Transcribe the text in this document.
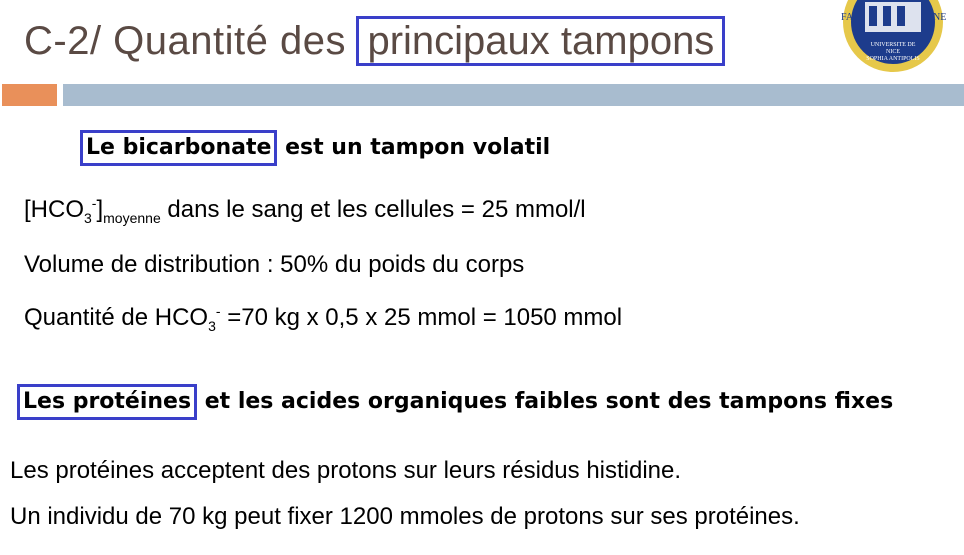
C-2/ Quantité des principaux tampons
FA	NE
UNIVERSITE DE
NICE
SOPHIA ANTIPOLIS
Le bicarbonate est un tampon volatil
$[HCO_3^-]_{moyenne}$ dans le sang et les cellules = 25 mmol/l
Volume de distribution : 50% du poids du corps
Quantité de $HCO_3^- =70$ kg x 0,5 x 25 mmol = 1050 mmol
Les protéines et les acides organiques faibles sont des tampons fixes
Les protéines acceptent des protons sur leurs résidus histidine.
Un individu de 70 kg peut fixer 1200 mmoles de protons sur ses protéines.
